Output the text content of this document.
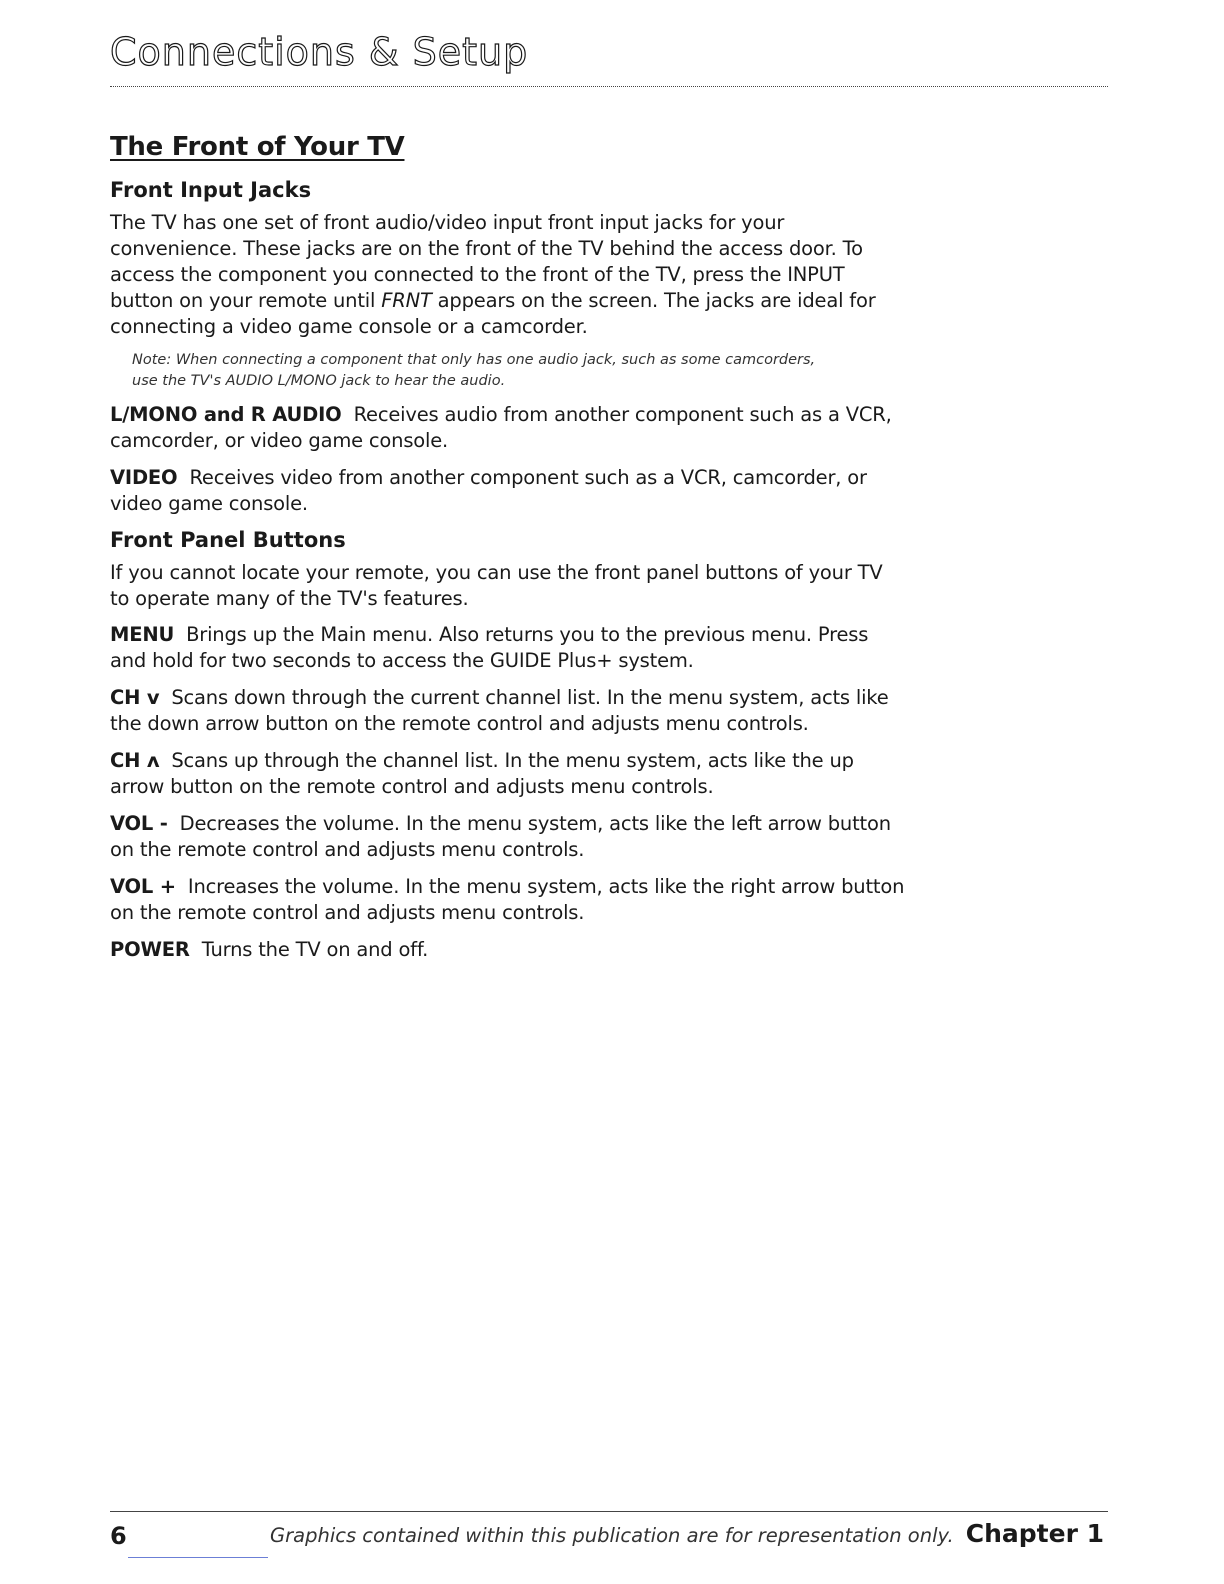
Connections & Setup
The Front of Your TV
Front Input Jacks

The TV has one set of front audio/video input front input jacks for your

convenience. These jacks are on the front of the TV behind the access door. To

access the component you connected to the front of the TV, press the INPUT

button on your remote until FRNT appears on the screen. The jacks are ideal for

connecting a video game console or a camcorder.

Note: When connecting a component that only has one audio jack, such as some camcorders,
use the TV's AUDIO L/MONO jack to hear the audio.

L/MONO and R AUDIO Receives audio from another component such as a VCR,

camcorder, or video game console.

VIDEO Receives video from another component such as a VCR, camcorder, or

video game console.

Front Panel Buttons

If you cannot locate your remote, you can use the front panel buttons of your TV

to operate many of the TV's features.

MENU Brings up the Main menu. Also returns you to the previous menu. Press

and hold for two seconds to access the GUIDE Plus+ system.

CH v Scans down through the current channel list. In the menu system, acts like

the down arrow button on the remote control and adjusts menu controls.

CH ʌ Scans up through the channel list. In the menu system, acts like the up

arrow button on the remote control and adjusts menu controls.

VOL - Decreases the volume. In the menu system, acts like the left arrow button

on the remote control and adjusts menu controls.

VOL + Increases the volume. In the menu system, acts like the right arrow button

on the remote control and adjusts menu controls.

POWER Turns the TV on and off.

6	Graphics contained within this publication are for representation only. Chapter 1
